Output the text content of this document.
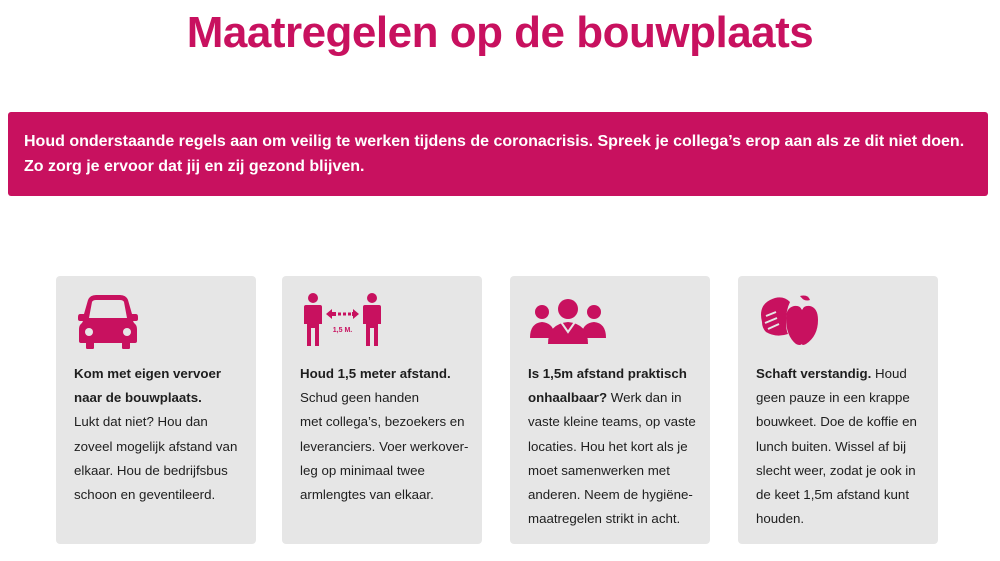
Maatregelen op de bouwplaats

Houd onderstaande regels aan om veilig te werken tijdens de coronacrisis. Spreek je collega’s erop aan als ze dit niet doen.

Zo zorg je ervoor dat jij en zij gezond blijven.

Kom met eigen vervoer
naar de bouwplaats.
Lukt dat niet? Hou dan
zoveel mogelijk afstand van
elkaar. Hou de bedrijfsbus
schoon en geventileerd.
1,5 M.
Houd 1,5 meter afstand.
Schud geen handen
met collega’s, bezoekers en
leveranciers. Voer werkover-
leg op minimaal twee
armlengtes van elkaar.
Is 1,5m afstand praktisch
onhaalbaar? Werk dan in
vaste kleine teams, op vaste
locaties. Hou het kort als je
moet samenwerken met
anderen. Neem de hygiëne-
maatregelen strikt in acht.
Schaft verstandig. Houd
geen pauze in een krappe
bouwkeet. Doe de koffie en
lunch buiten. Wissel af bij
slecht weer, zodat je ook in
de keet 1,5m afstand kunt
houden.
